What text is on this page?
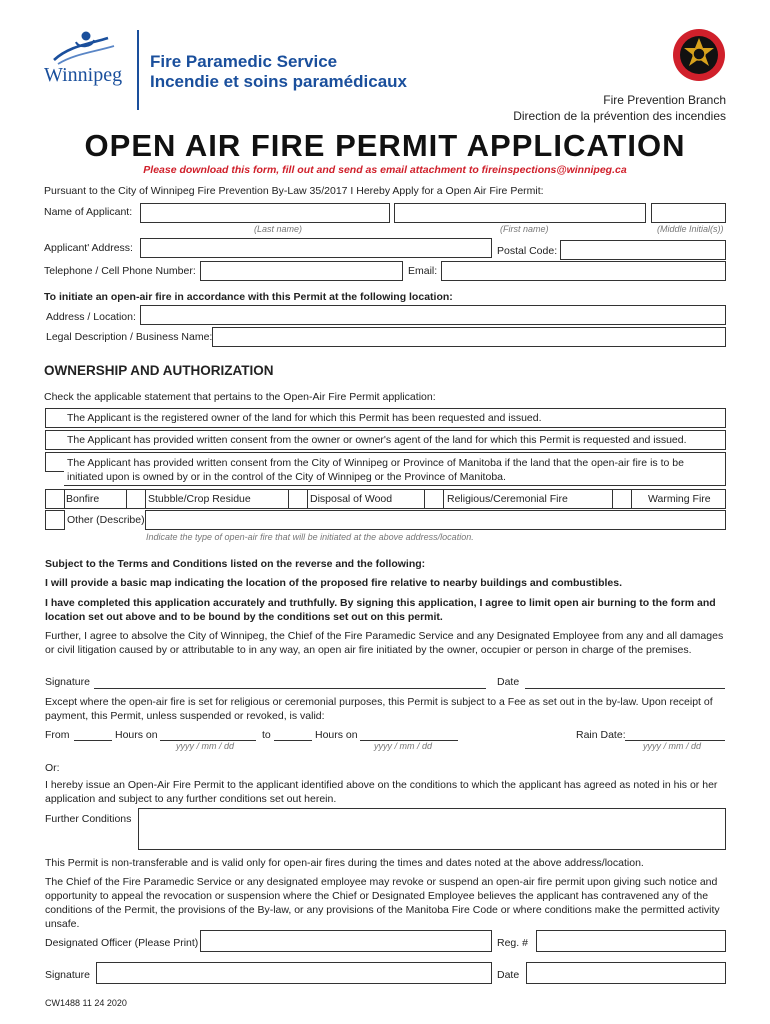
Winnipeg
Fire Paramedic Service
Incendie et soins paramédicaux
Fire Prevention Branch
Direction de la prévention des incendies
OPEN AIR FIRE PERMIT APPLICATION
Please download this form, fill out and send as email attachment to fireinspections@winnipeg.ca
Pursuant to the City of Winnipeg Fire Prevention By-Law 35/2017 I Hereby Apply for a Open Air Fire Permit:
Name of Applicant:
(Last name)	(First name)	(Middle Initial(s))
Applicant' Address:	Postal Code:
Telephone / Cell Phone Number:	Email:
To initiate an open-air fire in accordance with this Permit at the following location:
Address / Location:
Legal Description / Business Name:
OWNERSHIP AND AUTHORIZATION
Check the applicable statement that pertains to the Open-Air Fire Permit application:
The Applicant is the registered owner of the land for which this Permit has been requested and issued.
The Applicant has provided written consent from the owner or owner's agent of the land for which this Permit is requested and issued.
The Applicant has provided written consent from the City of Winnipeg or Province of Manitoba if the land that the open-air fire is to be initiated upon is owned by or in the control of the City of Winnipeg or the Province of Manitoba.
Bonfire	Stubble/Crop Residue	Disposal of Wood	Religious/Ceremonial Fire	Warming Fire
Other (Describe)
Indicate the type of open-air fire that will be initiated at the above address/location.
Subject to the Terms and Conditions listed on the reverse and the following:
I will provide a basic map indicating the location of the proposed fire relative to nearby buildings and combustibles.
I have completed this application accurately and truthfully. By signing this application, I agree to limit open air burning to the form and location set out above and to be bound by the conditions set out on this permit.
Further, I agree to absolve the City of Winnipeg, the Chief of the Fire Paramedic Service and any Designated Employee from any and all damages or civil litigation caused by or attributable to in any way, an open air fire initiated by the owner, occupier or person in charge of the premises.
Signature	Date
Except where the open-air fire is set for religious or ceremonial purposes, this Permit is subject to a Fee as set out in the by-law. Upon receipt of payment, this Permit, unless suspended or revoked, is valid:
From	Hours on
yyyy / mm / dd
to	Hours on
yyyy / mm / dd
Rain Date:
yyyy / mm / dd
Or:
I hereby issue an Open-Air Fire Permit to the applicant identified above on the conditions to which the applicant has agreed as noted in his or her application and subject to any further conditions set out herein.
Further Conditions
This Permit is non-transferable and is valid only for open-air fires during the times and dates noted at the above address/location.
The Chief of the Fire Paramedic Service or any designated employee may revoke or suspend an open-air fire permit upon giving such notice and opportunity to appeal the revocation or suspension where the Chief or Designated Employee believes the applicant has contravened any of the conditions of the Permit, the provisions of the By-law, or any provisions of the Manitoba Fire Code or where conditions make the permitted activity unsafe.
Designated Officer (Please Print)	Reg. #
Signature	Date
CW1488 11 24 2020
